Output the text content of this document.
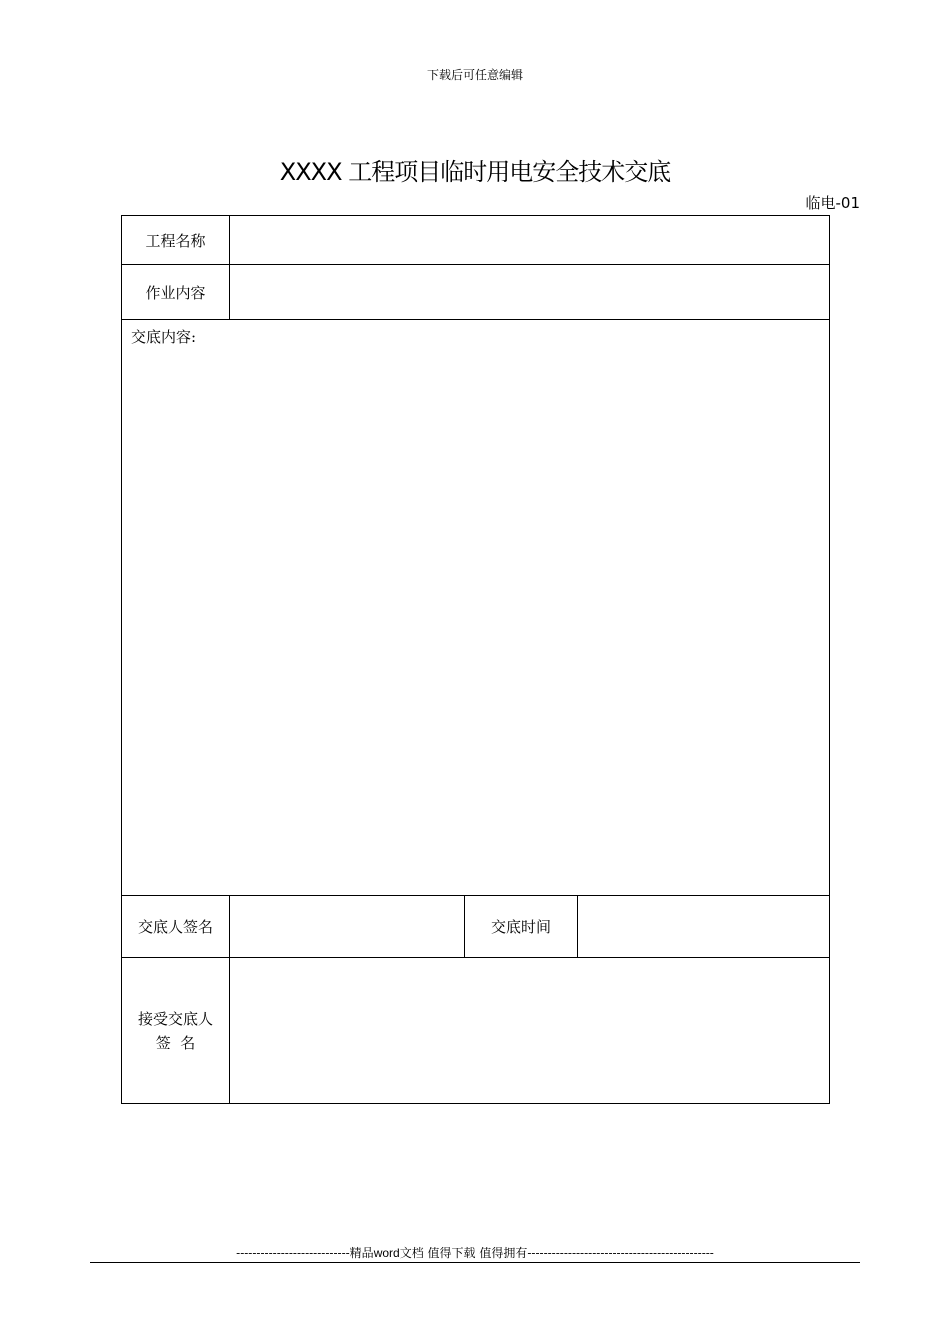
下载后可任意编辑
XXXX 工程项目临时用电安全技术交底
临电-01
工程名称			
作业内容			

交底内容:			

交底人签名		交底时间	
接受交底人
签  名			
----------------------------精品word文档 值得下载 值得拥有----------------------------------------------
